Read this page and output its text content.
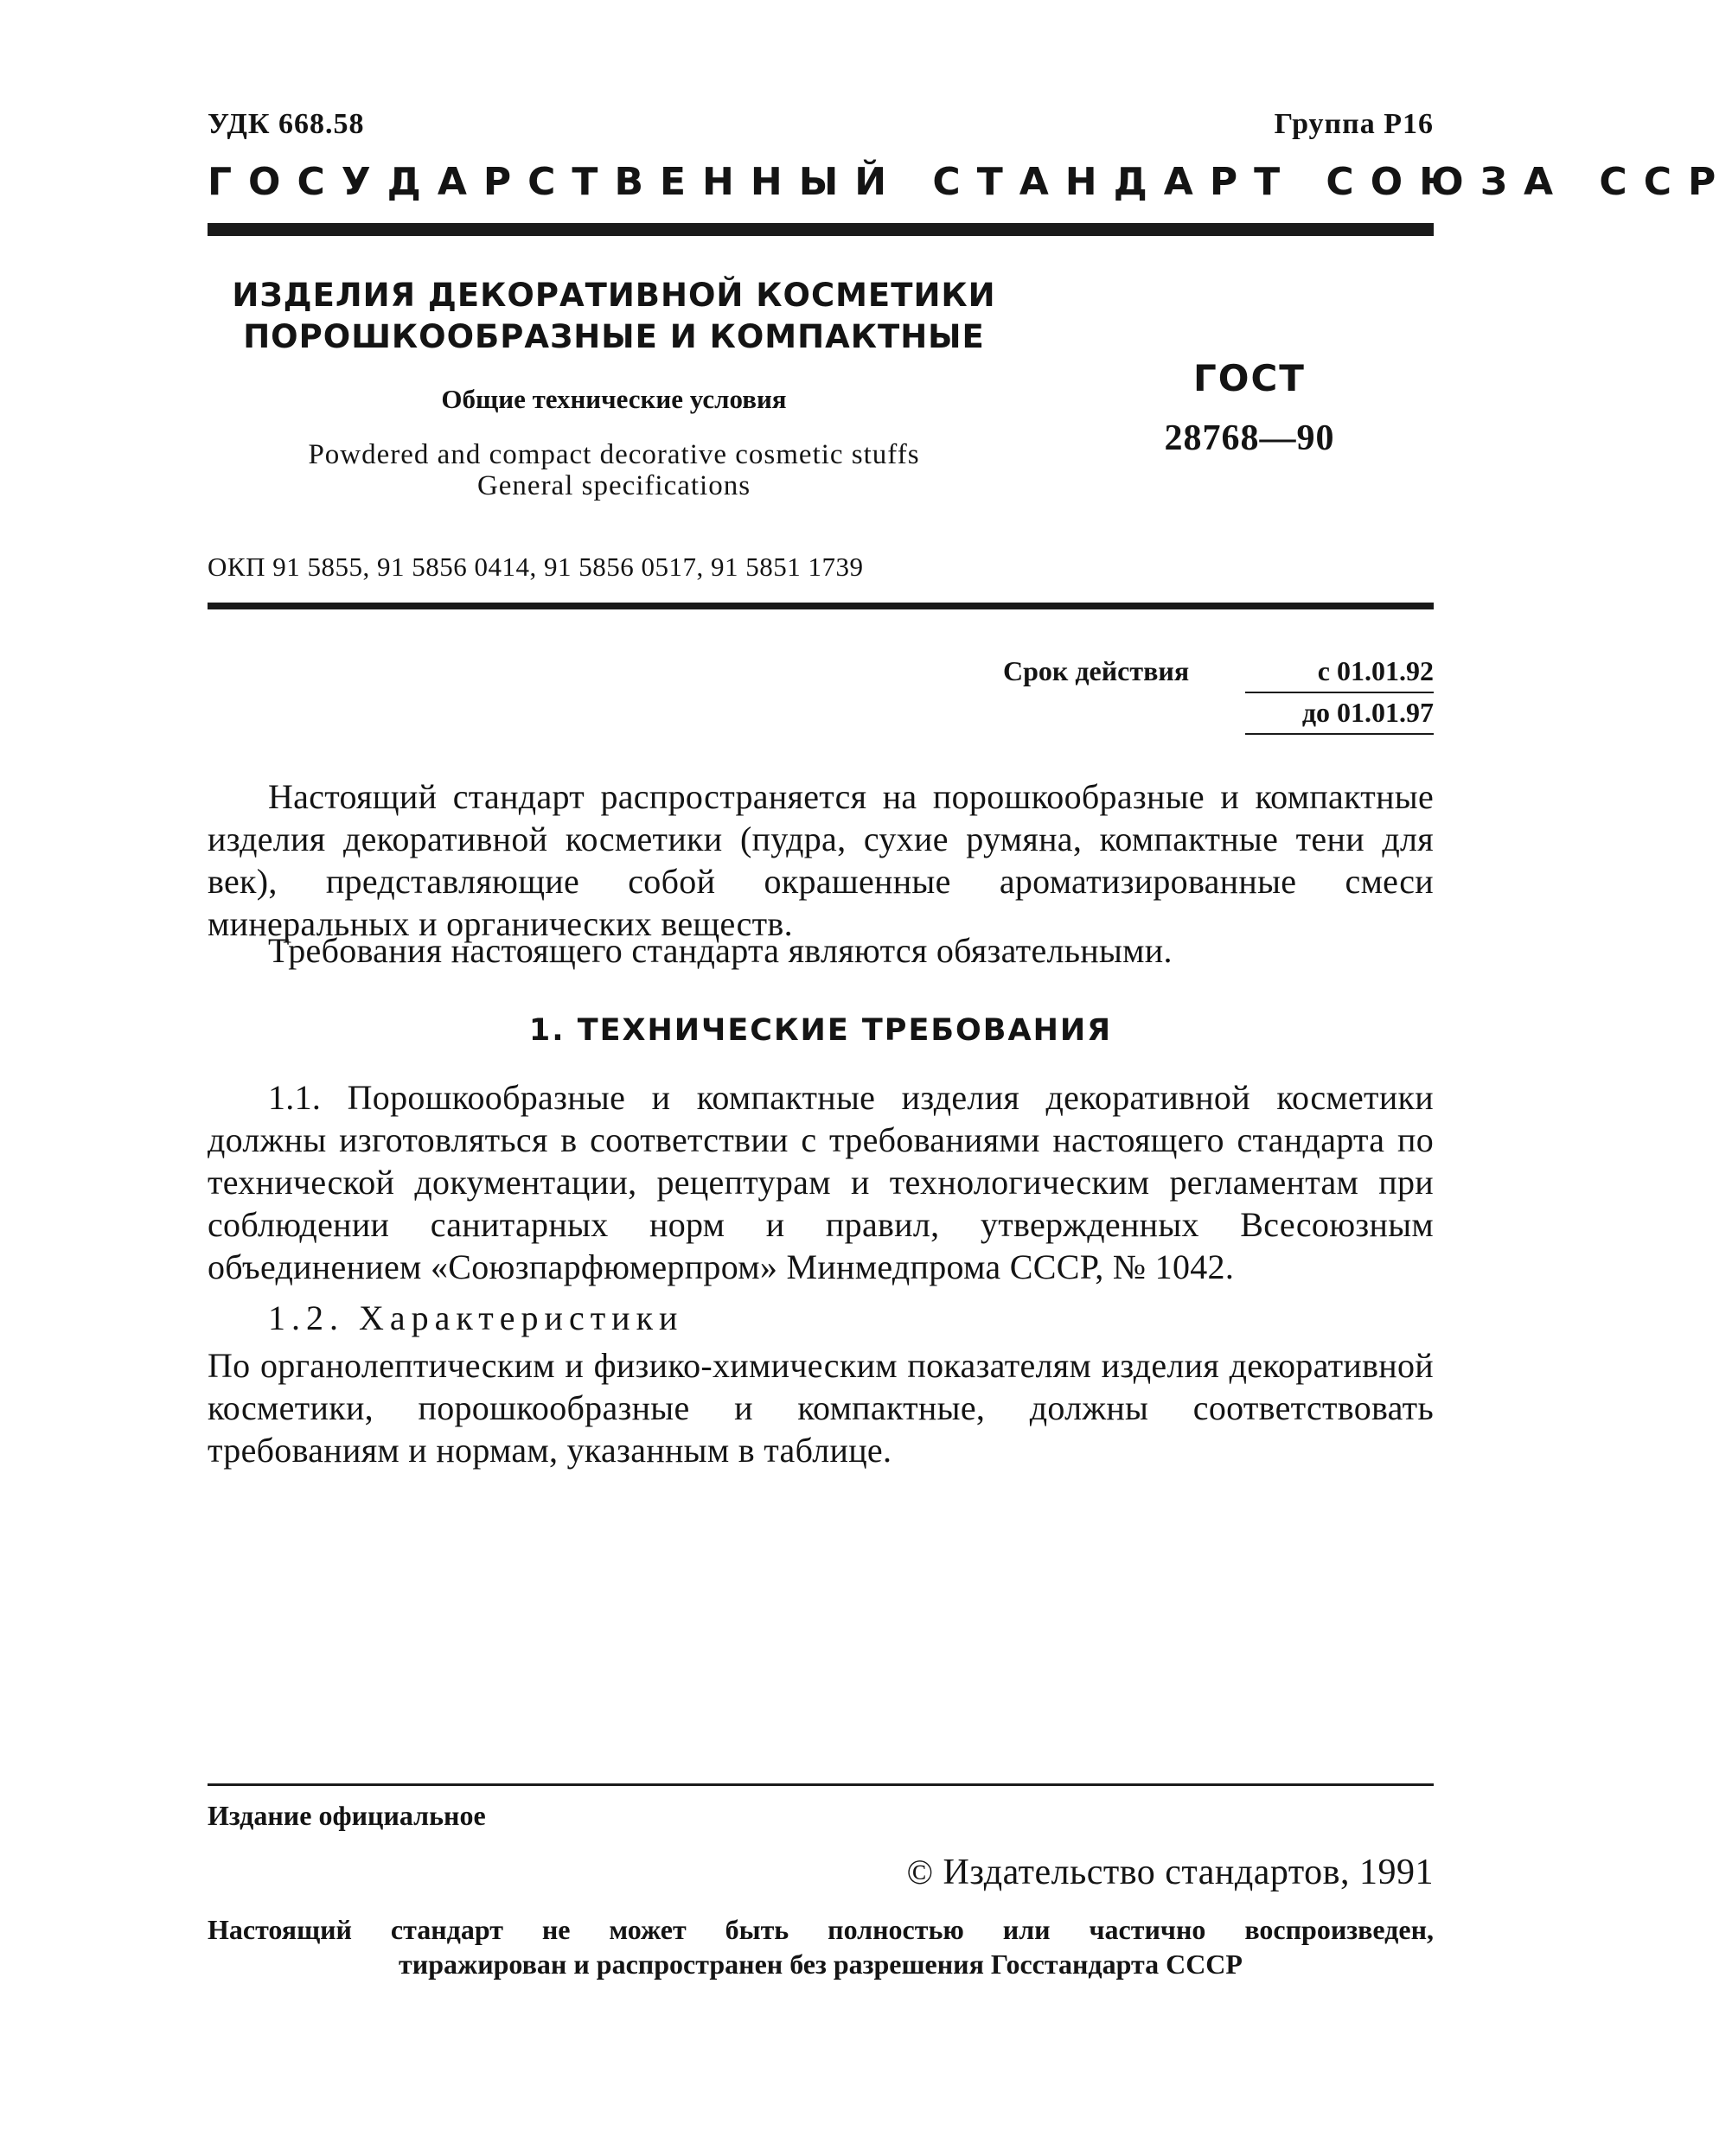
УДК 668.58	Группа Р16
ГОСУДАРСТВЕННЫЙ СТАНДАРТ СОЮЗА ССР
ИЗДЕЛИЯ ДЕКОРАТИВНОЙ КОСМЕТИКИ
ПОРОШКООБРАЗНЫЕ И КОМПАКТНЫЕ
Общие технические условия
Powdered and compact decorative cosmetic stuffs
General specifications
ГОСТ
28768—90
ОКП 91 5855, 91 5856 0414, 91 5856 0517, 91 5851 1739
Срок действия	с 01.01.92
до 01.01.97
Настоящий стандарт распространяется на порошкообразные и компактные изделия декоративной косметики (пудра, сухие румяна, компактные тени для век), представляющие собой окрашенные ароматизированные смеси минеральных и органических веществ.
Требования настоящего стандарта являются обязательными.
1. ТЕХНИЧЕСКИЕ ТРЕБОВАНИЯ
1.1. Порошкообразные и компактные изделия декоративной косметики должны изготовляться в соответствии с требованиями настоящего стандарта по технической документации, рецептурам и технологическим регламентам при соблюдении санитарных норм и правил, утвержденных Всесоюзным объединением «Союзпарфюмерпром» Минмедпрома СССР, № 1042.
1.2. Характеристики
По органолептическим и физико-химическим показателям изделия декоративной косметики, порошкообразные и компактные, должны соответствовать требованиям и нормам, указанным в таблице.
Издание официальное
© Издательство стандартов, 1991
Настоящий стандарт не может быть полностью или частично воспроизведен,
тиражирован и распространен без разрешения Госстандарта СССР
